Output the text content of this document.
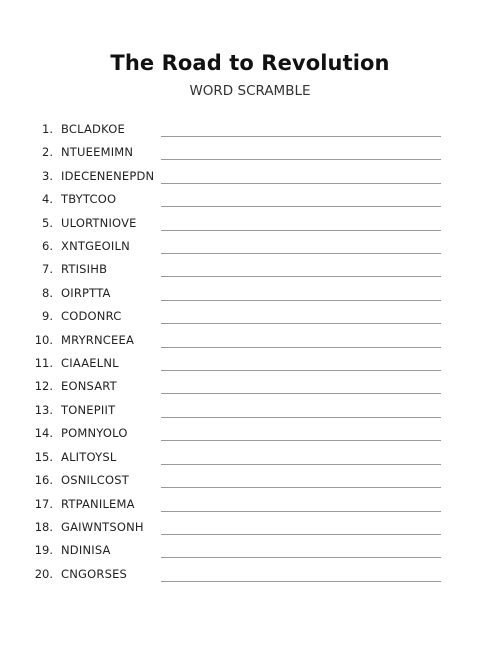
The Road to Revolution
WORD SCRAMBLE
1. BCLADKOE
2. NTUEEMIMN
3. IDECENENEPDN
4. TBYTCOO
5. ULORTNIOVE
6. XNTGEOILN
7. RTISIHB
8. OIRPTTA
9. CODONRC
10. MRYRNCEEA
11. CIAAELNL
12. EONSART
13. TONEPIIT
14. POMNYOLO
15. ALITOYSL
16. OSNILCOST
17. RTPANILEMA
18. GAIWNTSONH
19. NDINISA
20. CNGORSES
